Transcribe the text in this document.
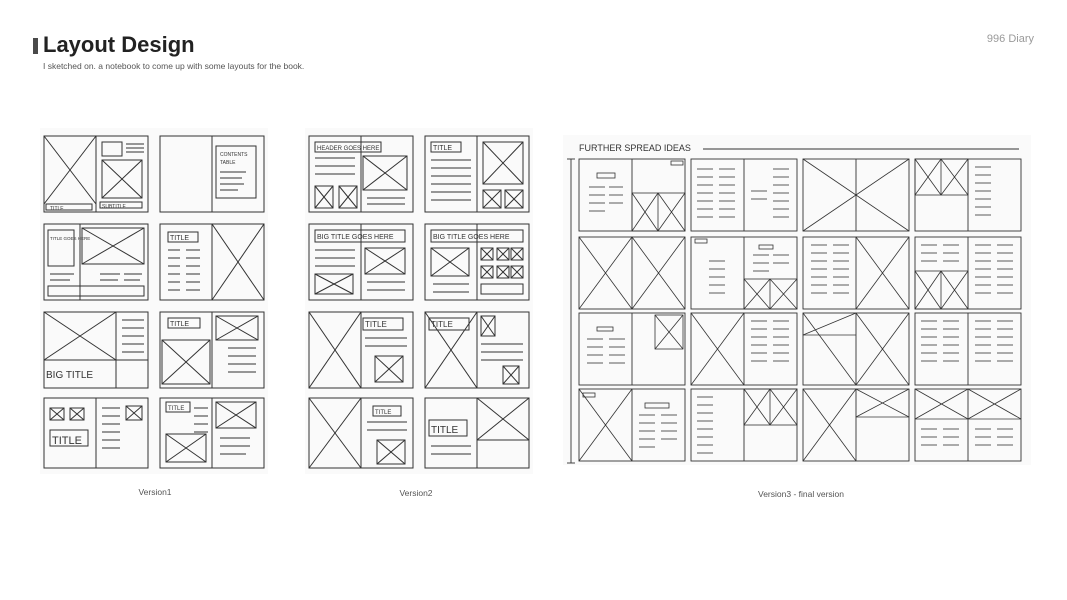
Layout Design
I sketched on. a notebook to come up with some layouts for the book.
996 Diary
TITLE	SUBTITLE
CONTENTS
TABLE
TITLE GOES HERE	TITLE
BIG TITLE
TITLE
TITLE
TITLE
Version1
HEADER GOES HERE	TITLE
BIG TITLE GOES HERE	BIG TITLE GOES HERE
TITLE	TITLE
TITLE
TITLE
Version2
FURTHER SPREAD IDEAS
Version3 - final version
